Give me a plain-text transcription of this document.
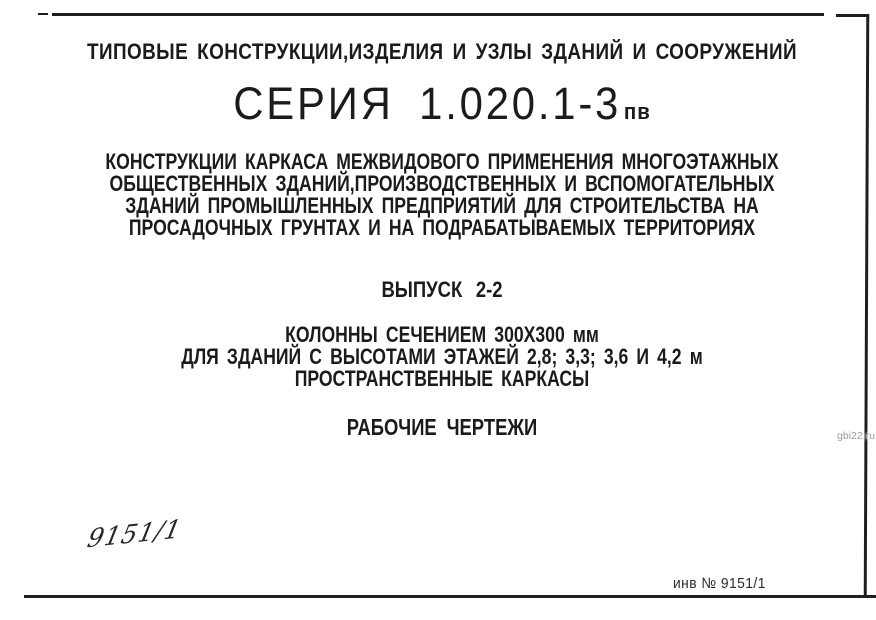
ТИПОВЫЕ КОНСТРУКЦИИ,ИЗДЕЛИЯ И УЗЛЫ ЗДАНИЙ И СООРУЖЕНИЙ
СЕРИЯ 1.020.1-3 пв
КОНСТРУКЦИИ КАРКАСА МЕЖВИДОВОГО ПРИМЕНЕНИЯ МНОГОЭТАЖНЫХ
ОБЩЕСТВЕННЫХ ЗДАНИЙ,ПРОИЗВОДСТВЕННЫХ И ВСПОМОГАТЕЛЬНЫХ
ЗДАНИЙ ПРОМЫШЛЕННЫХ ПРЕДПРИЯТИЙ ДЛЯ СТРОИТЕЛЬСТВА НА
ПРОСАДОЧНЫХ ГРУНТАХ И НА ПОДРАБАТЫВАЕМЫХ ТЕРРИТОРИЯХ
ВЫПУСК 2-2
КОЛОННЫ СЕЧЕНИЕМ 300Х300 мм
ДЛЯ ЗДАНИЙ С ВЫСОТАМИ ЭТАЖЕЙ 2,8; 3,3; 3,6 И 4,2 м
ПРОСТРАНСТВЕННЫЕ КАРКАСЫ
РАБОЧИЕ ЧЕРТЕЖИ
9151/1
инв № 9151/1
gbi22.ru
